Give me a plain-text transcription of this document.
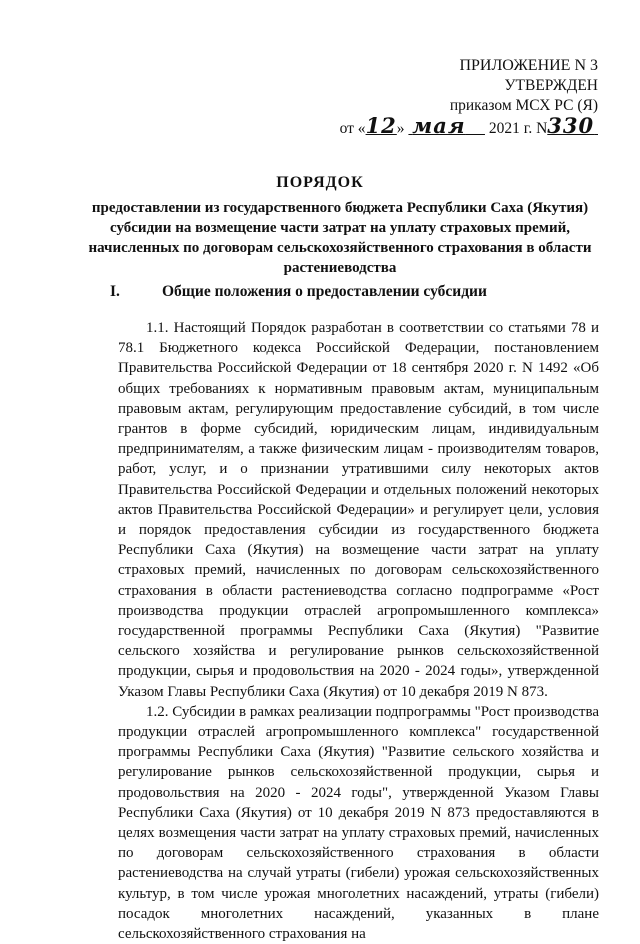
ПРИЛОЖЕНИЕ N 3
УТВЕРЖДЕН
приказом МСХ РС (Я)
от «12» мая 2021 г. N330
ПОРЯДОК
предоставлении из государственного бюджета Республики Саха (Якутия) субсидии на возмещение части затрат на уплату страховых премий, начисленных по договорам сельскохозяйственного страхования в области растениеводства
I.	Общие положения о предоставлении субсидии

1.1. Настоящий Порядок разработан в соответствии со статьями 78 и 78.1 Бюджетного кодекса Российской Федерации, постановлением Правительства Российской Федерации от 18 сентября 2020 г. N 1492 «Об общих требованиях к нормативным правовым актам, муниципальным правовым актам, регулирующим предоставление субсидий, в том числе грантов в форме субсидий, юридическим лицам, индивидуальным предпринимателям, а также физическим лицам - производителям товаров, работ, услуг, и о признании утратившими силу некоторых актов Правительства Российской Федерации и отдельных положений некоторых актов Правительства Российской Федерации» и регулирует цели, условия и порядок предоставления субсидии из государственного бюджета Республики Саха (Якутия) на возмещение части затрат на уплату страховых премий, начисленных по договорам сельскохозяйственного страхования в области растениеводства согласно подпрограмме «Рост производства продукции отраслей агропромышленного комплекса» государственной программы Республики Саха (Якутия) "Развитие сельского хозяйства и регулирование рынков сельскохозяйственной продукции, сырья и продовольствия на 2020 - 2024 годы», утвержденной Указом Главы Республики Саха (Якутия) от 10 декабря 2019 N 873.

1.2. Субсидии в рамках реализации подпрограммы "Рост производства продукции отраслей агропромышленного комплекса" государственной программы Республики Саха (Якутия) "Развитие сельского хозяйства и регулирование рынков сельскохозяйственной продукции, сырья и продовольствия на 2020 - 2024 годы", утвержденной Указом Главы Республики Саха (Якутия) от 10 декабря 2019 N 873 предоставляются в целях возмещения части затрат на уплату страховых премий, начисленных по договорам сельскохозяйственного страхования в области растениеводства на случай утраты (гибели) урожая сельскохозяйственных культур, в том числе урожая многолетних насаждений, утраты (гибели) посадок многолетних насаждений, указанных в плане сельскохозяйственного страхования на
